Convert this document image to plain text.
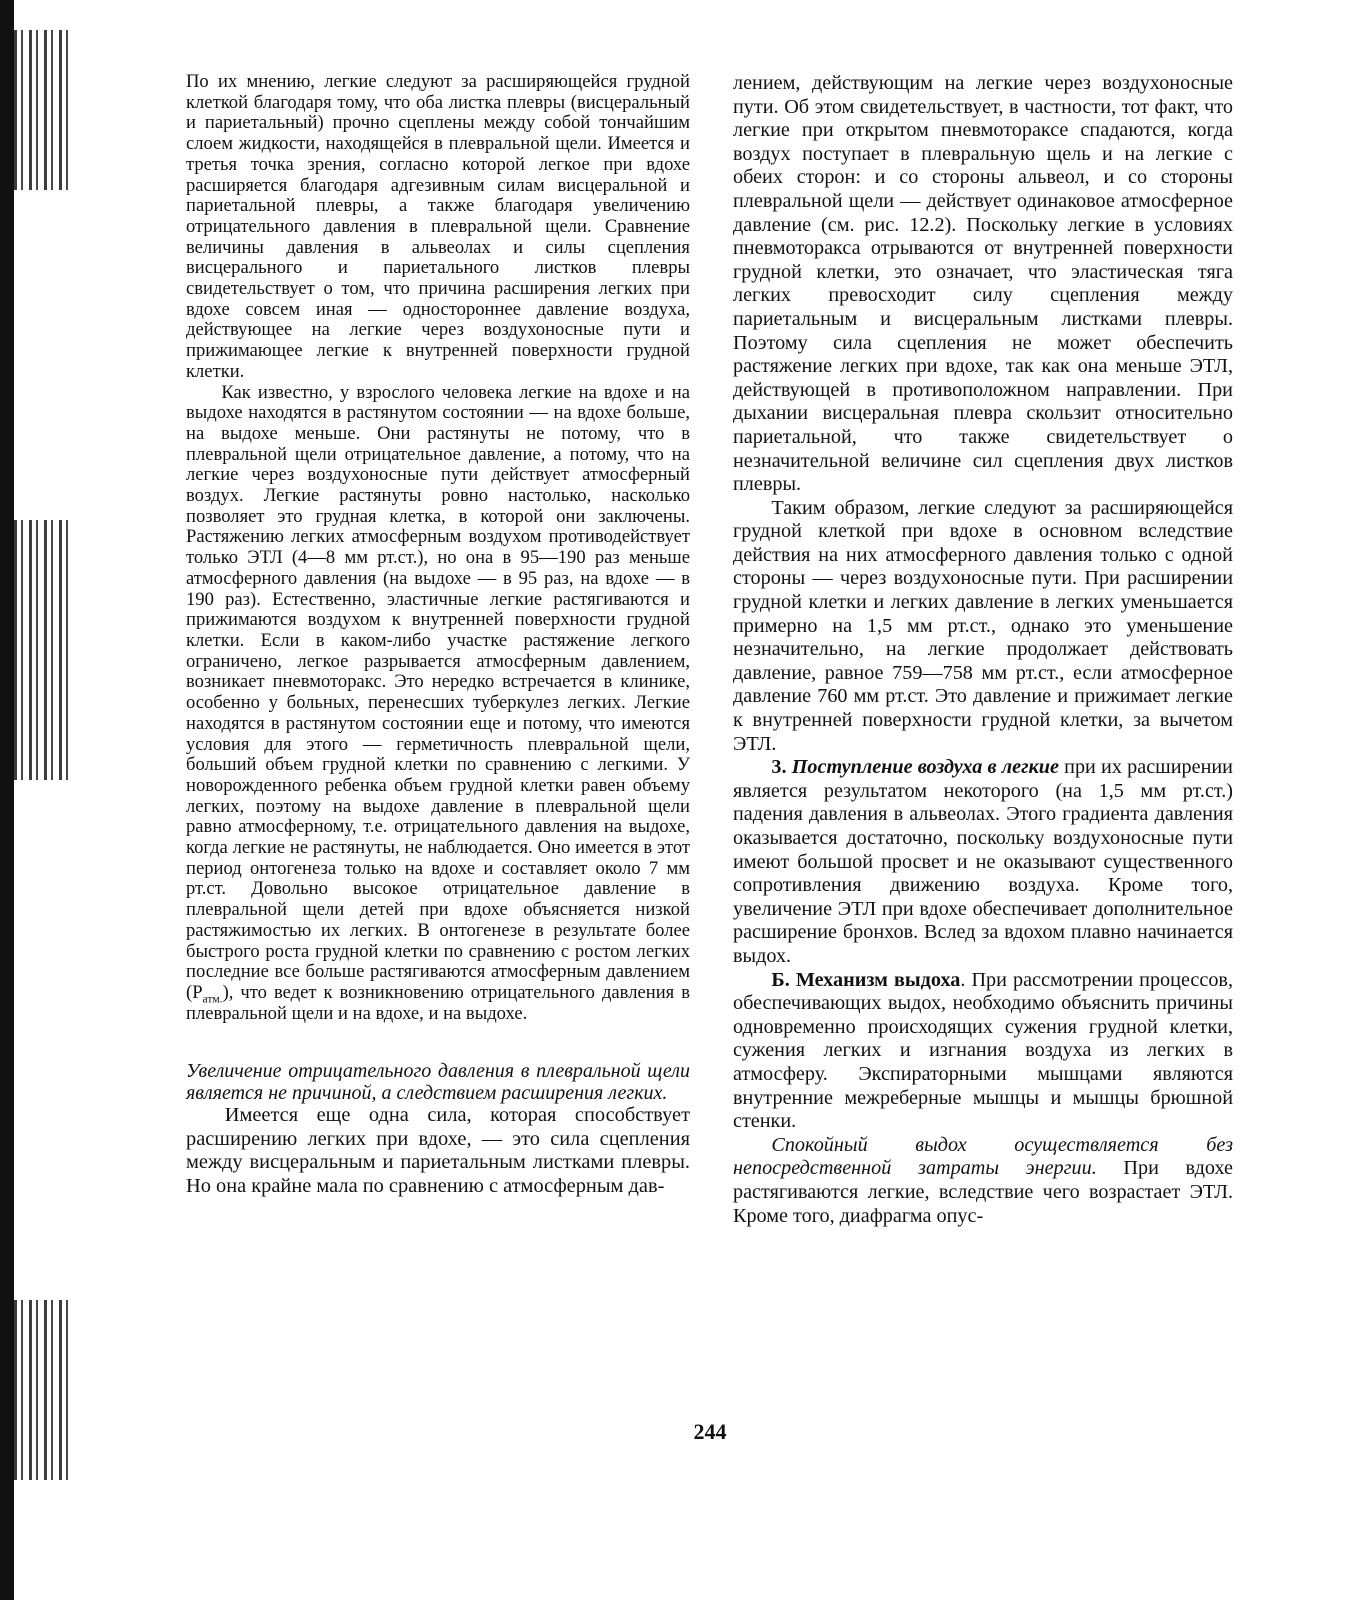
По их мнению, легкие следуют за расширяющейся грудной клеткой благодаря тому, что оба листка плевры (висцеральный и париетальный) прочно сцеплены между собой тончайшим слоем жидкости, находящейся в плевральной щели. Имеется и третья точка зрения, согласно которой легкое при вдохе расширяется благодаря адгезивным силам висцеральной и париетальной плевры, а также благодаря увеличению отрицательного давления в плевральной щели. Сравнение величины давления в альвеолах и силы сцепления висцерального и париетального листков плевры свидетельствует о том, что причина расширения легких при вдохе совсем иная — одностороннее давление воздуха, действующее на легкие через воздухоносные пути и прижимающее легкие к внутренней поверхности грудной клетки.

Как известно, у взрослого человека легкие на вдохе и на выдохе находятся в растянутом состоянии — на вдохе больше, на выдохе меньше. Они растянуты не потому, что в плевральной щели отрицательное давление, а потому, что на легкие через воздухоносные пути действует атмосферный воздух. Легкие растянуты ровно настолько, насколько позволяет это грудная клетка, в которой они заключены. Растяжению легких атмосферным воздухом противодействует только ЭТЛ (4—8 мм рт.ст.), но она в 95—190 раз меньше атмосферного давления (на выдохе — в 95 раз, на вдохе — в 190 раз). Естественно, эластичные легкие растягиваются и прижимаются воздухом к внутренней поверхности грудной клетки. Если в каком-либо участке растяжение легкого ограничено, легкое разрывается атмосферным давлением, возникает пневмоторакс. Это нередко встречается в клинике, особенно у больных, перенесших туберкулез легких. Легкие находятся в растянутом состоянии еще и потому, что имеются условия для этого — герметичность плевральной щели, больший объем грудной клетки по сравнению с легкими. У новорожденного ребенка объем грудной клетки равен объему легких, поэтому на выдохе давление в плевральной щели равно атмосферному, т.е. отрицательного давления на выдохе, когда легкие не растянуты, не наблюдается. Оно имеется в этот период онтогенеза только на вдохе и составляет около 7 мм рт.ст. Довольно высокое отрицательное давление в плевральной щели детей при вдохе объясняется низкой растяжимостью их легких. В онтогенезе в результате более быстрого роста грудной клетки по сравнению с ростом легких последние все больше растягиваются атмосферным давлением $(Р_{атм.})$, что ведет к возникновению отрицательного давления в плевральной щели и на вдохе, и на выдохе.

Увеличение отрицательного давления в плевральной щели является не причиной, а следствием расширения легких.

Имеется еще одна сила, которая способствует расширению легких при вдохе, — это сила сцепления между висцеральным и париетальным листками плевры. Но она крайне мала по сравнению с атмосферным дав-

лением, действующим на легкие через воздухоносные пути. Об этом свидетельствует, в частности, тот факт, что легкие при открытом пневмотораксе спадаются, когда воздух поступает в плевральную щель и на легкие с обеих сторон: и со стороны альвеол, и со стороны плевральной щели — действует одинаковое атмосферное давление (см. рис. 12.2). Поскольку легкие в условиях пневмоторакса отрываются от внутренней поверхности грудной клетки, это означает, что эластическая тяга легких превосходит силу сцепления между париетальным и висцеральным листками плевры. Поэтому сила сцепления не может обеспечить растяжение легких при вдохе, так как она меньше ЭТЛ, действующей в противоположном направлении. При дыхании висцеральная плевра скользит относительно париетальной, что также свидетельствует о незначительной величине сил сцепления двух листков плевры.

Таким образом, легкие следуют за расширяющейся грудной клеткой при вдохе в основном вследствие действия на них атмосферного давления только с одной стороны — через воздухоносные пути. При расширении грудной клетки и легких давление в легких уменьшается примерно на 1,5 мм рт.ст., однако это уменьшение незначительно, на легкие продолжает действовать давление, равное 759—758 мм рт.ст., если атмосферное давление 760 мм рт.ст. Это давление и прижимает легкие к внутренней поверхности грудной клетки, за вычетом ЭТЛ.

3. Поступление воздуха в легкие при их расширении является результатом некоторого (на 1,5 мм рт.ст.) падения давления в альвеолах. Этого градиента давления оказывается достаточно, поскольку воздухоносные пути имеют большой просвет и не оказывают существенного сопротивления движению воздуха. Кроме того, увеличение ЭТЛ при вдохе обеспечивает дополнительное расширение бронхов. Вслед за вдохом плавно начинается выдох.

Б. Механизм выдоха. При рассмотрении процессов, обеспечивающих выдох, необходимо объяснить причины одновременно происходящих сужения грудной клетки, сужения легких и изгнания воздуха из легких в атмосферу. Экспираторными мышцами являются внутренние межреберные мышцы и мышцы брюшной стенки.

Спокойный выдох осуществляется без непосредственной затраты энергии. При вдохе растягиваются легкие, вследствие чего возрастает ЭТЛ. Кроме того, диафрагма опус-

244
